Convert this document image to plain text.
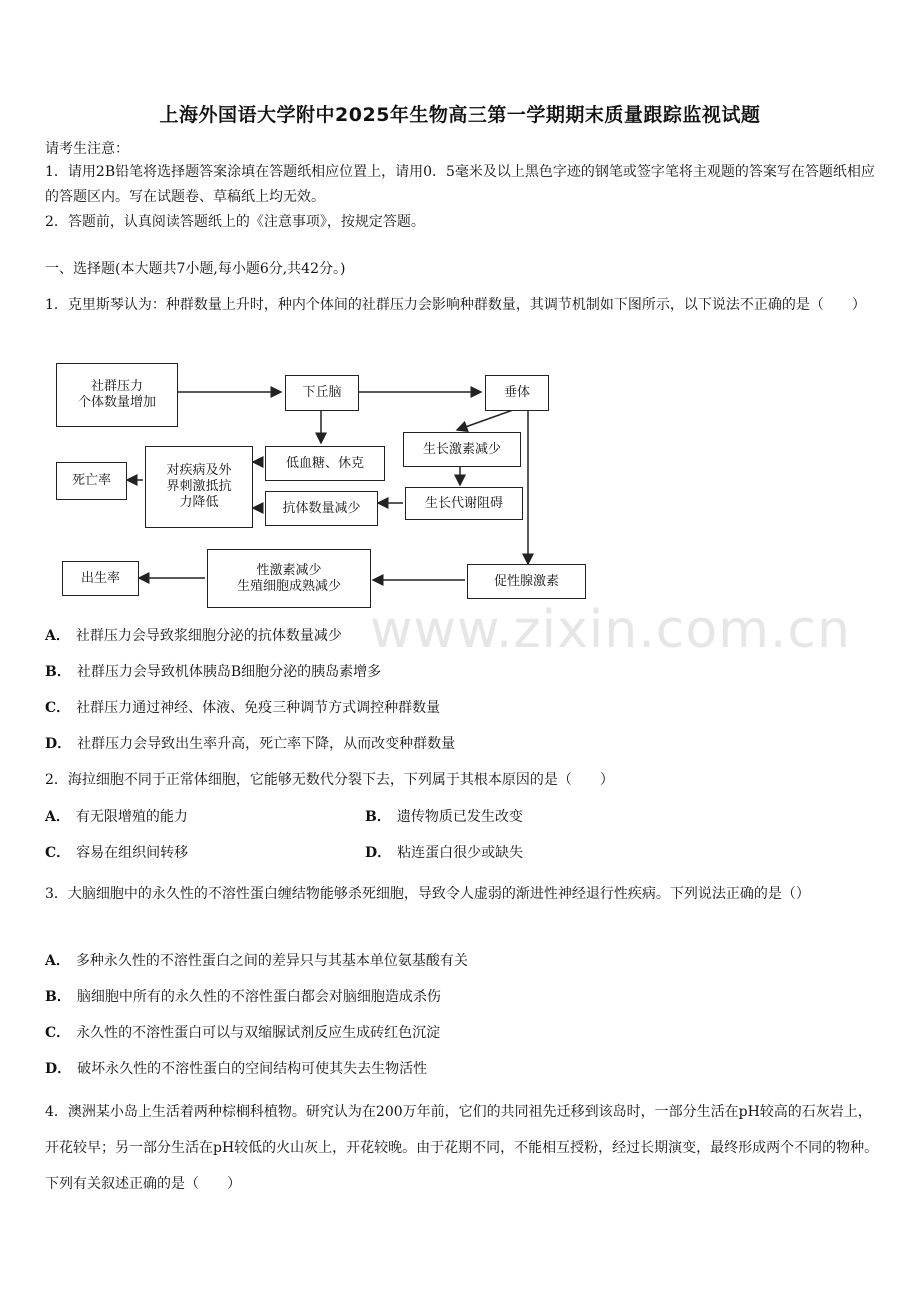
上海外国语大学附中2025年生物高三第一学期期末质量跟踪监视试题
请考生注意：
1．请用2B铅笔将选择题答案涂填在答题纸相应位置上，请用0．5毫米及以上黑色字迹的钢笔或签字笔将主观题的答案写在答题纸相应的答题区内。写在试题卷、草稿纸上均无效。
2．答题前，认真阅读答题纸上的《注意事项》，按规定答题。
一、选择题(本大题共7小题,每小题6分,共42分。)
1．克里斯琴认为：种群数量上升时，种内个体间的社群压力会影响种群数量，其调节机制如下图所示，以下说法不正确的是（　　）
社群压力
个体数量增加
下丘脑	垂体
低血糖、休克
生长激素减少
对疾病及外
界刺激抵抗
力降低
死亡率
抗体数量减少	生长代谢阻碍
性激素减少
生殖细胞成熟减少
出生率	促性腺激素
www.zixin.com.cn
A． 社群压力会导致浆细胞分泌的抗体数量减少
B． 社群压力会导致机体胰岛B细胞分泌的胰岛素增多
C． 社群压力通过神经、体液、免疫三种调节方式调控种群数量
D． 社群压力会导致出生率升高，死亡率下降，从而改变种群数量
2．海拉细胞不同于正常体细胞，它能够无数代分裂下去，下列属于其根本原因的是（　　）
A． 有无限增殖的能力	B． 遗传物质已发生改变
C． 容易在组织间转移	D． 粘连蛋白很少或缺失
3．大脑细胞中的永久性的不溶性蛋白缠结物能够杀死细胞，导致令人虚弱的渐进性神经退行性疾病。下列说法正确的是（）
A． 多种永久性的不溶性蛋白之间的差异只与其基本单位氨基酸有关
B． 脑细胞中所有的永久性的不溶性蛋白都会对脑细胞造成杀伤
C． 永久性的不溶性蛋白可以与双缩脲试剂反应生成砖红色沉淀
D． 破坏永久性的不溶性蛋白的空间结构可使其失去生物活性
4．澳洲某小岛上生活着两种棕榈科植物。研究认为在200万年前，它们的共同祖先迁移到该岛时，一部分生活在pH较高的石灰岩上，开花较早；另一部分生活在pH较低的火山灰上，开花较晚。由于花期不同，不能相互授粉，经过长期演变，最终形成两个不同的物种。下列有关叙述正确的是（　　）
